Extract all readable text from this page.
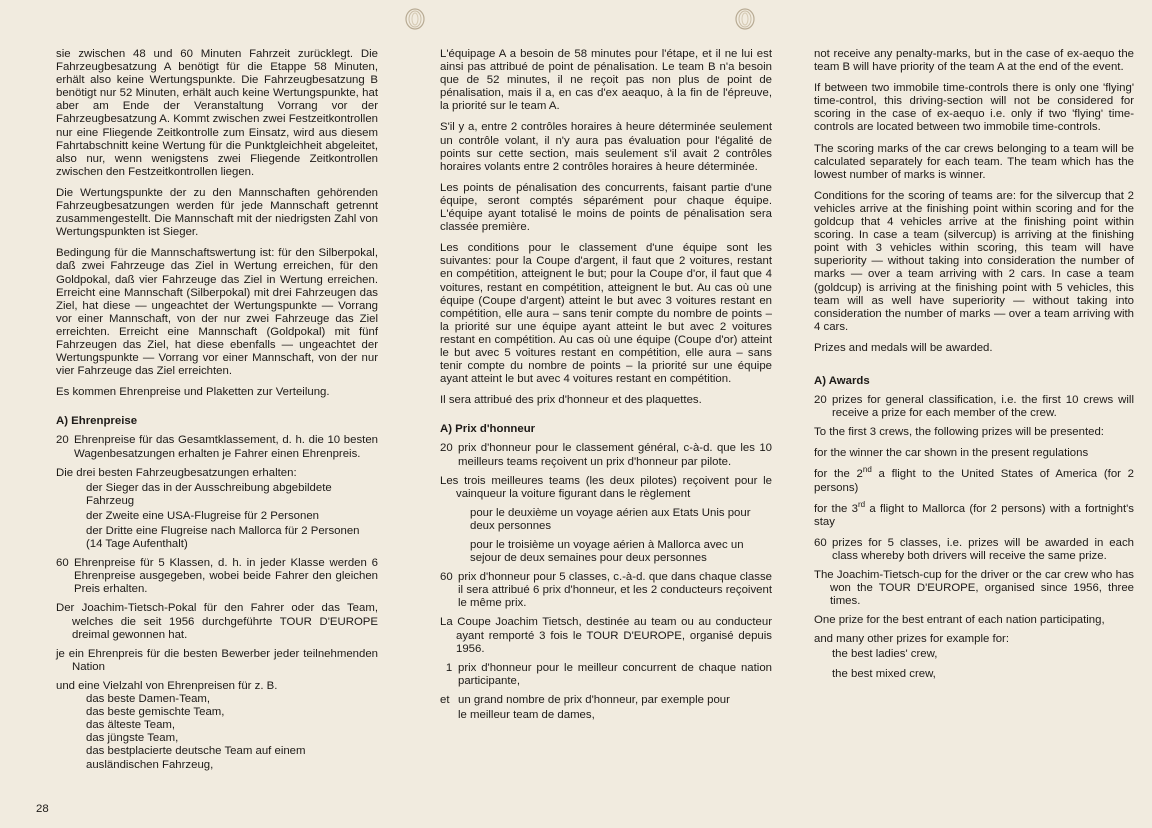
sie zwischen 48 und 60 Minuten Fahrzeit zurücklegt. Die Fahrzeugbesatzung A benötigt für die Etappe 58 Minuten, erhält also keine Wertungspunkte. Die Fahrzeugbesatzung B benötigt nur 52 Minuten, erhält auch keine Wertungspunkte, hat aber am Ende der Veranstaltung Vorrang vor der Fahrzeugbesatzung A. Kommt zwischen zwei Festzeitkontrollen nur eine Fliegende Zeitkontrolle zum Einsatz, wird aus diesem Fahrtabschnitt keine Wertung für die Punktgleichheit abgeleitet, also nur, wenn wenigstens zwei Fliegende Zeitkontrollen zwischen den Festzeitkontrollen liegen.

Die Wertungspunkte der zu den Mannschaften gehörenden Fahrzeugbesatzungen werden für jede Mannschaft getrennt zusammengestellt. Die Mannschaft mit der niedrigsten Zahl von Wertungspunkten ist Sieger.

Bedingung für die Mannschaftswertung ist: für den Silberpokal, daß zwei Fahrzeuge das Ziel in Wertung erreichen, für den Goldpokal, daß vier Fahrzeuge das Ziel in Wertung erreichen. Erreicht eine Mannschaft (Silberpokal) mit drei Fahrzeugen das Ziel, hat diese — ungeachtet der Wertungspunkte — Vorrang vor einer Mannschaft, von der nur zwei Fahrzeuge das Ziel erreichten. Erreicht eine Mannschaft (Goldpokal) mit fünf Fahrzeugen das Ziel, hat diese ebenfalls — ungeachtet der Wertungspunkte — Vorrang vor einer Mannschaft, von der nur vier Fahrzeuge das Ziel erreichten.

Es kommen Ehrenpreise und Plaketten zur Verteilung.

A) Ehrenpreise
20 Ehrenpreise für das Gesamtklassement, d. h. die 10 besten Wagenbesatzungen erhalten je Fahrer einen Ehrenpreis.

Die drei besten Fahrzeugbesatzungen erhalten:

der Sieger das in der Ausschreibung abgebildete Fahrzeug

der Zweite eine USA-Flugreise für 2 Personen

der Dritte eine Flugreise nach Mallorca für 2 Personen (14 Tage Aufenthalt)

60 Ehrenpreise für 5 Klassen, d. h. in jeder Klasse werden 6 Ehrenpreise ausgegeben, wobei beide Fahrer den gleichen Preis erhalten.

Der Joachim-Tietsch-Pokal für den Fahrer oder das Team, welches die seit 1956 durchgeführte TOUR D'EUROPE dreimal gewonnen hat.

je ein Ehrenpreis für die besten Bewerber jeder teilnehmenden Nation

und eine Vielzahl von Ehrenpreisen für z. B.

das beste Damen-Team,
das beste gemischte Team,
das älteste Team,
das jüngste Team,
das bestplacierte deutsche Team auf einem ausländischen Fahrzeug,

L'équipage A a besoin de 58 minutes pour l'étape, et il ne lui est ainsi pas attribué de point de pénalisation. Le team B n'a besoin que de 52 minutes, il ne reçoit pas non plus de point de pénalisation, mais il a, en cas d'ex aeaquo, à la fin de l'épreuve, la priorité sur le team A.

S'il y a, entre 2 contrôles horaires à heure déterminée seulement un contrôle volant, il n'y aura pas évaluation pour l'égalité de points sur cette section, mais seulement s'il avait 2 contrôles horaires volants entre 2 contrôles horaires à heure déterminée.

Les points de pénalisation des concurrents, faisant partie d'une équipe, seront comptés séparément pour chaque équipe. L'équipe ayant totalisé le moins de points de pénalisation sera classée première.

Les conditions pour le classement d'une équipe sont les suivantes: pour la Coupe d'argent, il faut que 2 voitures, restant en compétition, atteignent le but; pour la Coupe d'or, il faut que 4 voitures, restant en compétition, atteignent le but. Au cas où une équipe (Coupe d'argent) atteint le but avec 3 voitures restant en compétition, elle aura – sans tenir compte du nombre de points – la priorité sur une équipe ayant atteint le but avec 2 voitures restant en compétition. Au cas où une équipe (Coupe d'or) atteint le but avec 5 voitures restant en compétition, elle aura – sans tenir compte du nombre de points – la priorité sur une équipe ayant atteint le but avec 4 voitures restant en compétition.

Il sera attribué des prix d'honneur et des plaquettes.

A) Prix d'honneur
20 prix d'honneur pour le classement général, c-à-d. que les 10 meilleurs teams reçoivent un prix d'honneur par pilote.

Les trois meilleures teams (les deux pilotes) reçoivent pour le vainqueur la voiture figurant dans le règlement

pour le deuxième un voyage aérien aux Etats Unis pour deux personnes

pour le troisième un voyage aérien à Mallorca avec un sejour de deux semaines pour deux personnes

60 prix d'honneur pour 5 classes, c.-à-d. que dans chaque classe il sera attribué 6 prix d'honneur, et les 2 conducteurs reçoivent le même prix.

La Coupe Joachim Tietsch, destinée au team ou au conducteur ayant remporté 3 fois le TOUR D'EUROPE, organisé depuis 1956.

1 prix d'honneur pour le meilleur concurrent de chaque nation participante,
et un grand nombre de prix d'honneur, par exemple pour

le meilleur team de dames,

not receive any penalty-marks, but in the case of ex-aequo the team B will have priority of the team A at the end of the event.

If between two immobile time-controls there is only one 'flying' time-control, this driving-section will not be considered for scoring in the case of ex-aequo i.e. only if two 'flying' time-controls are located between two immobile time-controls.

The scoring marks of the car crews belonging to a team will be calculated separately for each team. The team which has the lowest number of marks is winner.

Conditions for the scoring of teams are: for the silvercup that 2 vehicles arrive at the finishing point within scoring and for the goldcup that 4 vehicles arrive at the finishing point within scoring. In case a team (silvercup) is arriving at the finishing point with 3 vehicles within scoring, this team will have superiority — without taking into consideration the number of marks — over a team arriving with 2 cars. In case a team (goldcup) is arriving at the finishing point with 5 vehicles, this team will as well have superiority — without taking into consideration the number of marks — over a team arriving with 4 cars.

Prizes and medals will be awarded.

A) Awards
20 prizes for general classification, i.e. the first 10 crews will receive a prize for each member of the crew.

To the first 3 crews, the following prizes will be presented:

for the winner the car shown in the present regulations

for the 2nd a flight to the United States of America (for 2 persons)

for the 3rd a flight to Mallorca (for 2 persons) with a fortnight's stay

60 prizes for 5 classes, i.e. prizes will be awarded in each class whereby both drivers will receive the same prize.

The Joachim-Tietsch-cup for the driver or the car crew who has won the TOUR D'EUROPE, organised since 1956, three times.

One prize for the best entrant of each nation participating,

and many other prizes for example for:

the best ladies' crew,
the best mixed crew,
28
